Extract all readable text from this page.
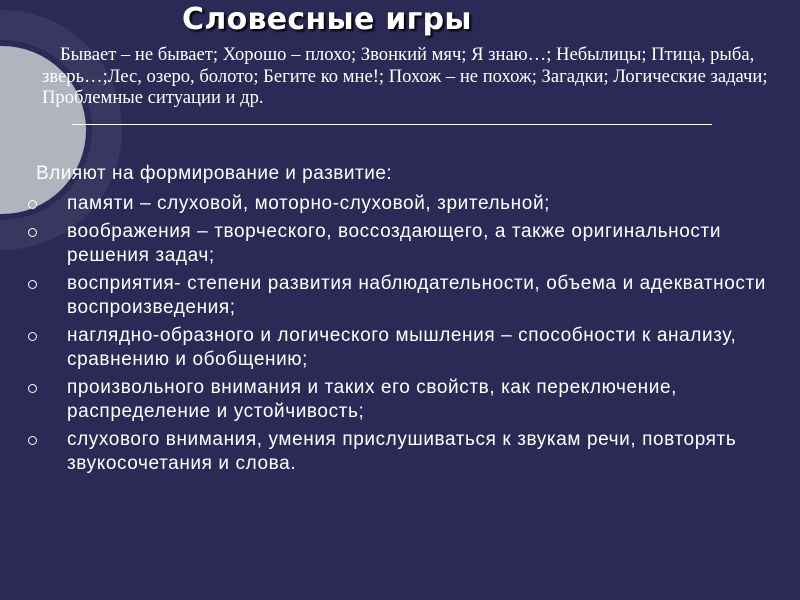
Словесные игры

Бывает – не бывает; Хорошо – плохо; Звонкий мяч; Я знаю…; Небылицы; Птица, рыба, зверь…;Лес, озеро, болото; Бегите ко мне!; Похож – не похож; Загадки; Логические задачи; Проблемные ситуации и др.

Влияют на формирование и развитие:

памяти – слуховой, моторно-слуховой, зрительной;
воображения – творческого, воссоздающего, а также оригинальности решения задач;
восприятия- степени развития наблюдательности, объема и адекватности воспроизведения;
наглядно-образного и логического мышления – способности к анализу, сравнению и обобщению;
произвольного внимания и таких его свойств, как переключение, распределение и устойчивость;
слухового внимания, умения прислушиваться к звукам речи, повторять звукосочетания и слова.
